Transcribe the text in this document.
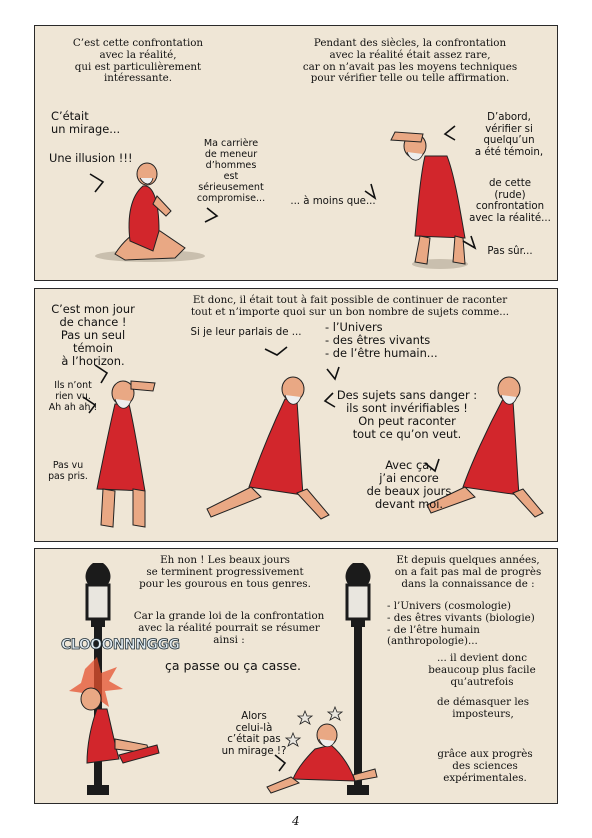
C’est cette confrontation
avec la réalité,
qui est particulièrement
intéressante.
Pendant des siècles, la confrontation
avec la réalité était assez rare,
car on n’avait pas les moyens techniques
pour vérifier telle ou telle affirmation.
C’était
un mirage...
Une illusion !!!
Ma carrière
de meneur
d’hommes
est
sérieusement
compromise...	... à moins que...
D’abord,
vérifier si
quelqu’un
a été témoin,
de cette
(rude)
confrontation
avec la réalité...
Pas sûr...
Et donc, il était tout à fait possible de continuer de raconter
tout et n’importe quoi sur un bon nombre de sujets comme...
C’est mon jour
de chance !
Pas un seul
témoin
à l’horizon.
Ils n’ont
rien vu.
Ah ah ah !
Pas vu
pas pris.
Si je leur parlais de ...	- l’Univers
- des êtres vivants
- de l’être humain...
Des sujets sans danger :
ils sont invérifiables !
On peut raconter
tout ce qu’on veut.
Avec ça,
j’ai encore
de beaux jours
devant moi.
Eh non ! Les beaux jours
se terminent progressivement
pour les gourous en tous genres.
Car la grande loi de la confrontation
avec la réalité pourrait se résumer
ainsi :
ça passe ou ça casse.
CLOOONNNGGG
Alors
celui-là
c’était pas
un mirage !?
Et depuis quelques années,
on a fait pas mal de progrès
dans la connaissance de :
- l’Univers (cosmologie)
- des êtres vivants (biologie)
- de l’être humain (anthropologie)...
... il devient donc
beaucoup plus facile
qu’autrefois
de démasquer les
imposteurs,
grâce aux progrès
des sciences
expérimentales.
4
